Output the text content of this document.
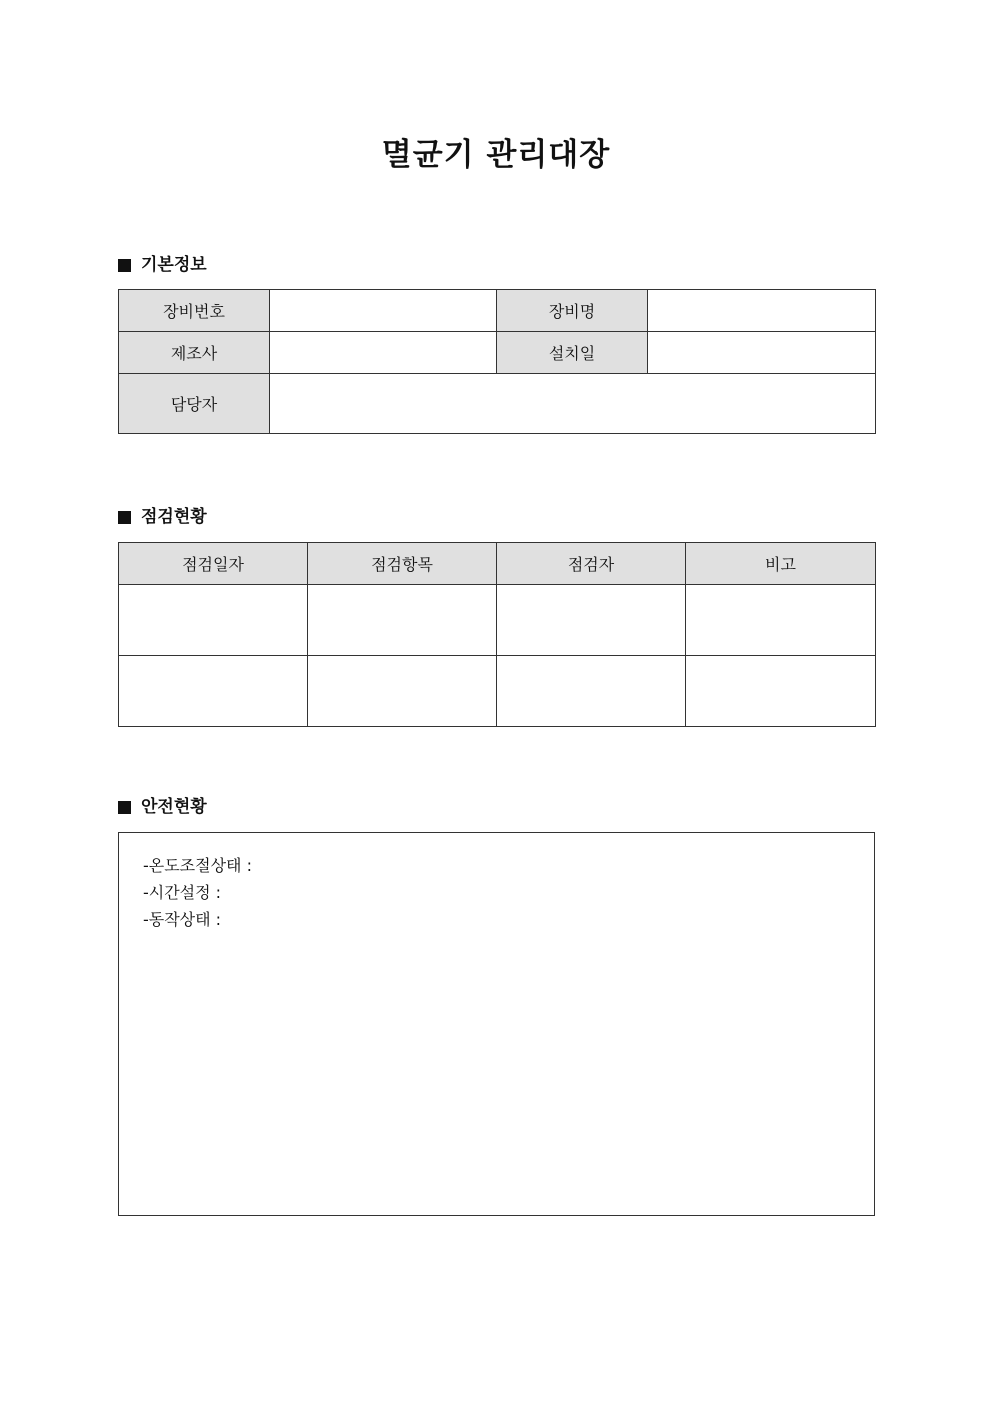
멸균기 관리대장
기본정보
장비번호		장비명	
제조사		설치일	
담당자			
점검현황
점검일자	점검항목	점검자	비고

안전현황
-온도조절상태 :
-시간설정 :
-동작상태 :
